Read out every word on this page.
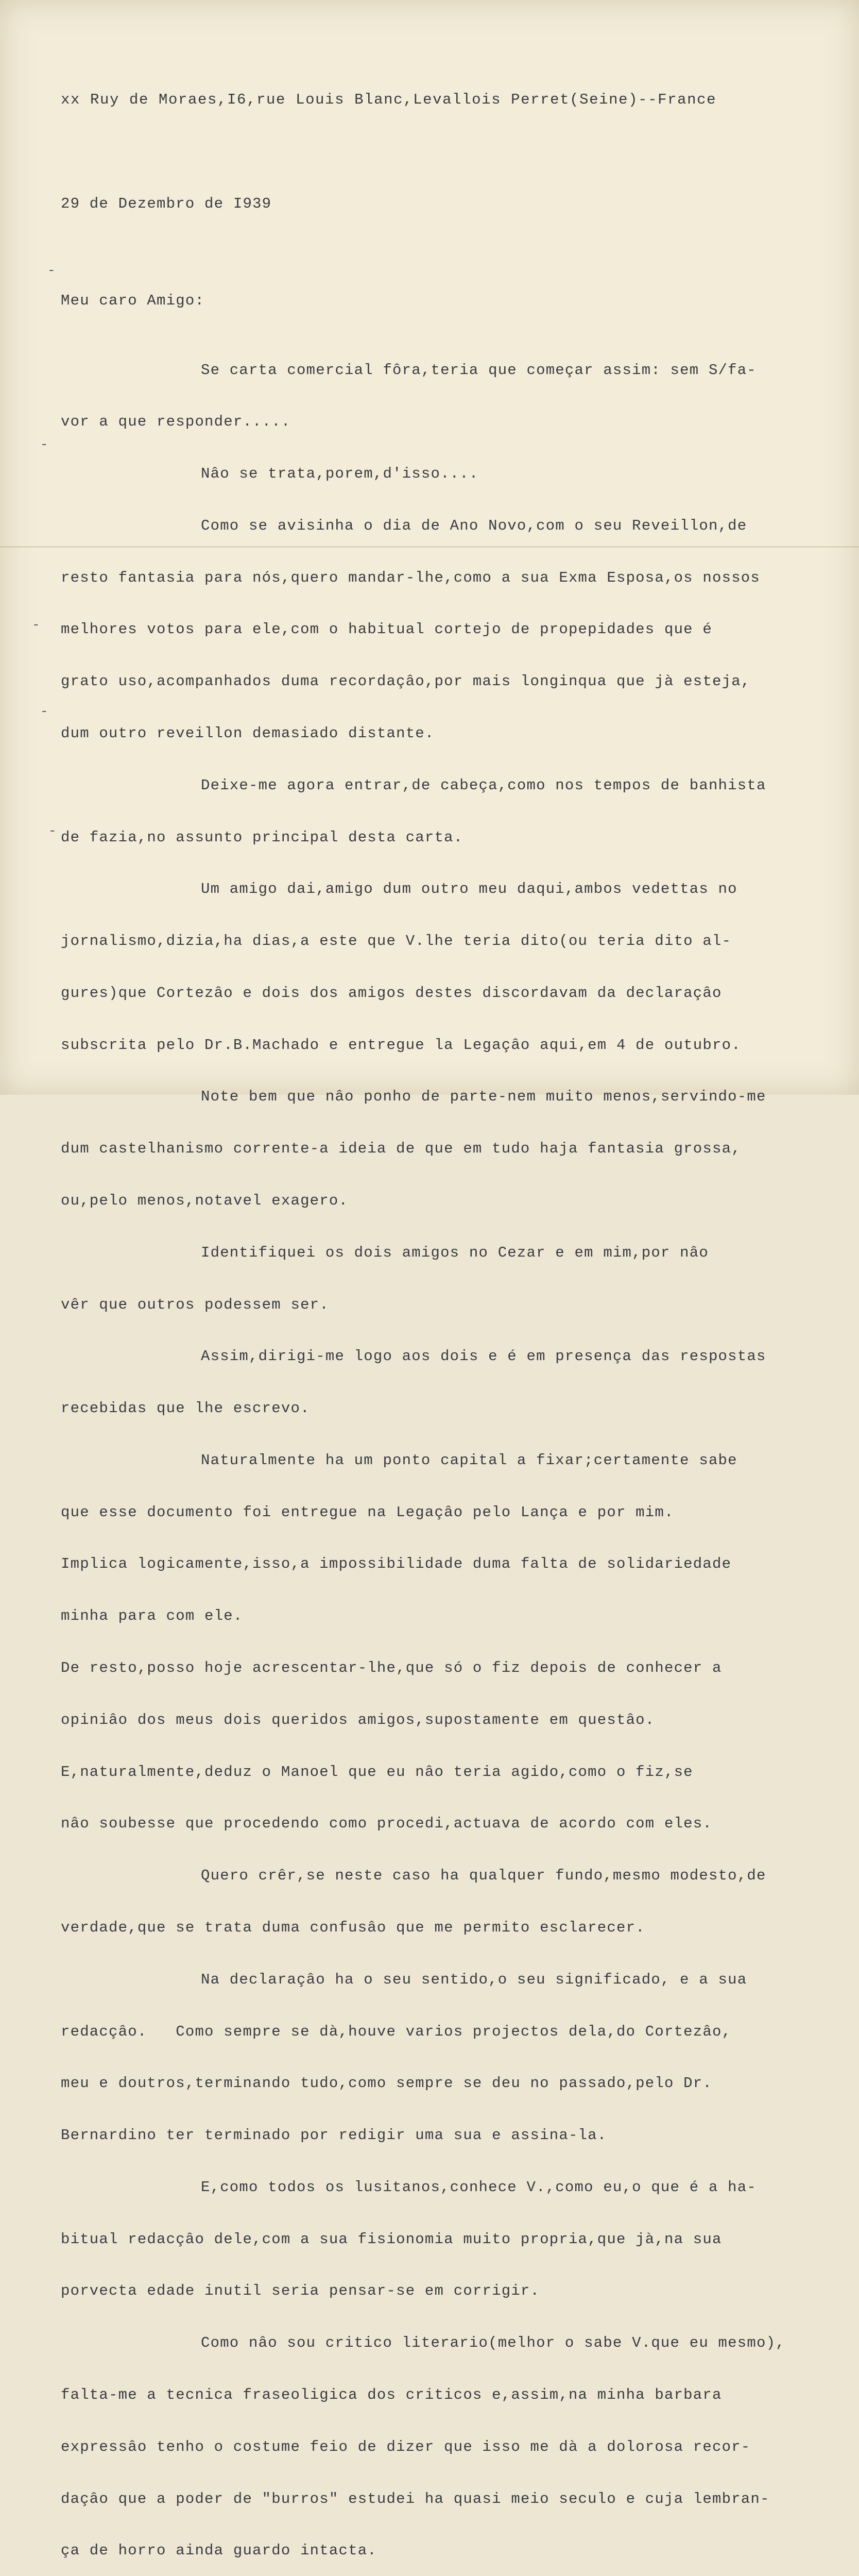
-
-
-
-
-

xx Ruy de Moraes,I6,rue Louis Blanc,Levallois Perret(Seine)--France

29 de Dezembro de I939

Meu caro Amigo:

Se carta comercial fôra,teria que começar assim: sem S/fa-

vor a que responder.....

Nâo se trata,porem,d'isso....

Como se avisinha o dia de Ano Novo,com o seu Reveillon,de

resto fantasia para nós,quero mandar-lhe,como a sua Exma Esposa,os nossos

melhores votos para ele,com o habitual cortejo de propepidades que é

grato uso,acompanhados duma recordaçâo,por mais longinqua que jà esteja,

dum outro reveillon demasiado distante.

Deixe-me agora entrar,de cabeça,como nos tempos de banhista

de fazia,no assunto principal desta carta.

Um amigo dai,amigo dum outro meu daqui,ambos vedettas no

jornalismo,dizia,ha dias,a este que V.lhe teria dito(ou teria dito al-

gures)que Cortezâo e dois dos amigos destes discordavam da declaraçâo

subscrita pelo Dr.B.Machado e entregue la Legaçâo aqui,em 4 de outubro.

Note bem que nâo ponho de parte-nem muito menos,servindo-me

dum castelhanismo corrente-a ideia de que em tudo haja fantasia grossa,

ou,pelo menos,notavel exagero.

Identifiquei os dois amigos no Cezar e em mim,por nâo

vêr que outros podessem ser.

Assim,dirigi-me logo aos dois e é em presença das respostas

recebidas que lhe escrevo.

Naturalmente ha um ponto capital a fixar;certamente sabe

que esse documento foi entregue na Legaçâo pelo Lança e por mim.

Implica logicamente,isso,a impossibilidade duma falta de solidariedade

minha para com ele.

De resto,posso hoje acrescentar-lhe,que só o fiz depois de conhecer a

opiniâo dos meus dois queridos amigos,supostamente em questâo.

E,naturalmente,deduz o Manoel que eu nâo teria agido,como o fiz,se

nâo soubesse que procedendo como procedi,actuava de acordo com eles.

Quero crêr,se neste caso ha qualquer fundo,mesmo modesto,de

verdade,que se trata duma confusâo que me permito esclarecer.

Na declaraçâo ha o seu sentido,o seu significado, e a sua

redacçâo.   Como sempre se dà,houve varios projectos dela,do Cortezâo,

meu e doutros,terminando tudo,como sempre se deu no passado,pelo Dr.

Bernardino ter terminado por redigir uma sua e assina-la.

E,como todos os lusitanos,conhece V.,como eu,o que é a ha-

bitual redacçâo dele,com a sua fisionomia muito propria,que jà,na sua

porvecta edade inutil seria pensar-se em corrigir.

Como nâo sou critico literario(melhor o sabe V.que eu mesmo),

falta-me a tecnica fraseoligica dos criticos e,assim,na minha barbara

expressâo tenho o costume feio de dizer que isso me dà a dolorosa recor-

daçâo que a poder de "burros" estudei ha quasi meio seculo e cuja lembran-

ça de horro ainda guardo intacta.
